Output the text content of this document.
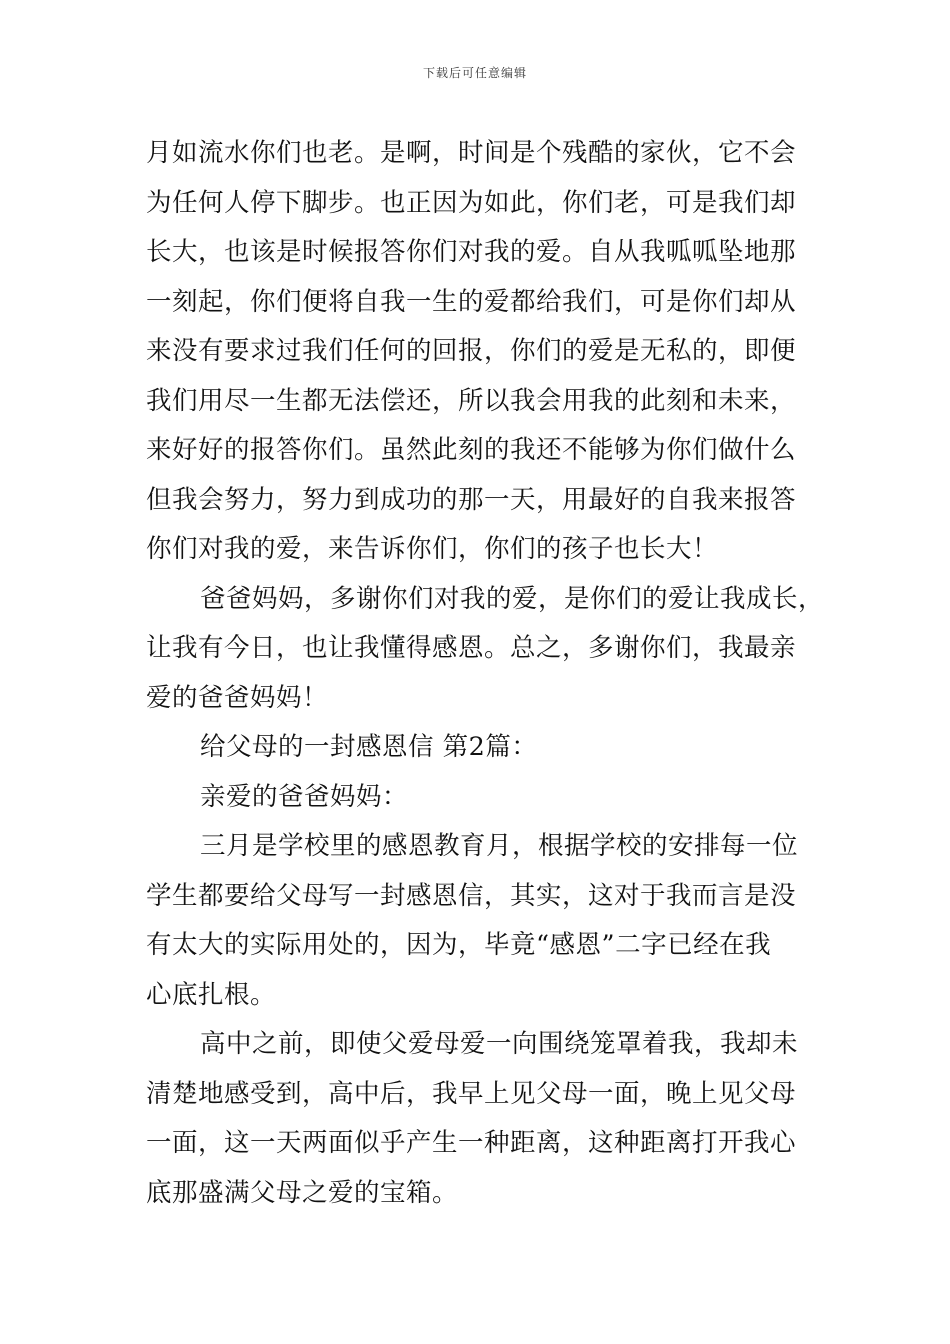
下载后可任意编辑
月如流水你们也老。是啊，时间是个残酷的家伙，它不会
为任何人停下脚步。也正因为如此，你们老，可是我们却
长大，也该是时候报答你们对我的爱。自从我呱呱坠地那
一刻起，你们便将自我一生的爱都给我们，可是你们却从
来没有要求过我们任何的回报，你们的爱是无私的，即便
我们用尽一生都无法偿还，所以我会用我的此刻和未来，
来好好的报答你们。虽然此刻的我还不能够为你们做什么
但我会努力，努力到成功的那一天，用最好的自我来报答
你们对我的爱，来告诉你们，你们的孩子也长大！
爸爸妈妈，多谢你们对我的爱，是你们的爱让我成长，
让我有今日，也让我懂得感恩。总之，多谢你们，我最亲
爱的爸爸妈妈！
给父母的一封感恩信 第2篇：
亲爱的爸爸妈妈：
三月是学校里的感恩教育月，根据学校的安排每一位
学生都要给父母写一封感恩信，其实，这对于我而言是没
有太大的实际用处的，因为，毕竟“感恩”二字已经在我
心底扎根。
高中之前，即使父爱母爱一向围绕笼罩着我，我却未
清楚地感受到，高中后，我早上见父母一面，晚上见父母
一面，这一天两面似乎产生一种距离，这种距离打开我心
底那盛满父母之爱的宝箱。
